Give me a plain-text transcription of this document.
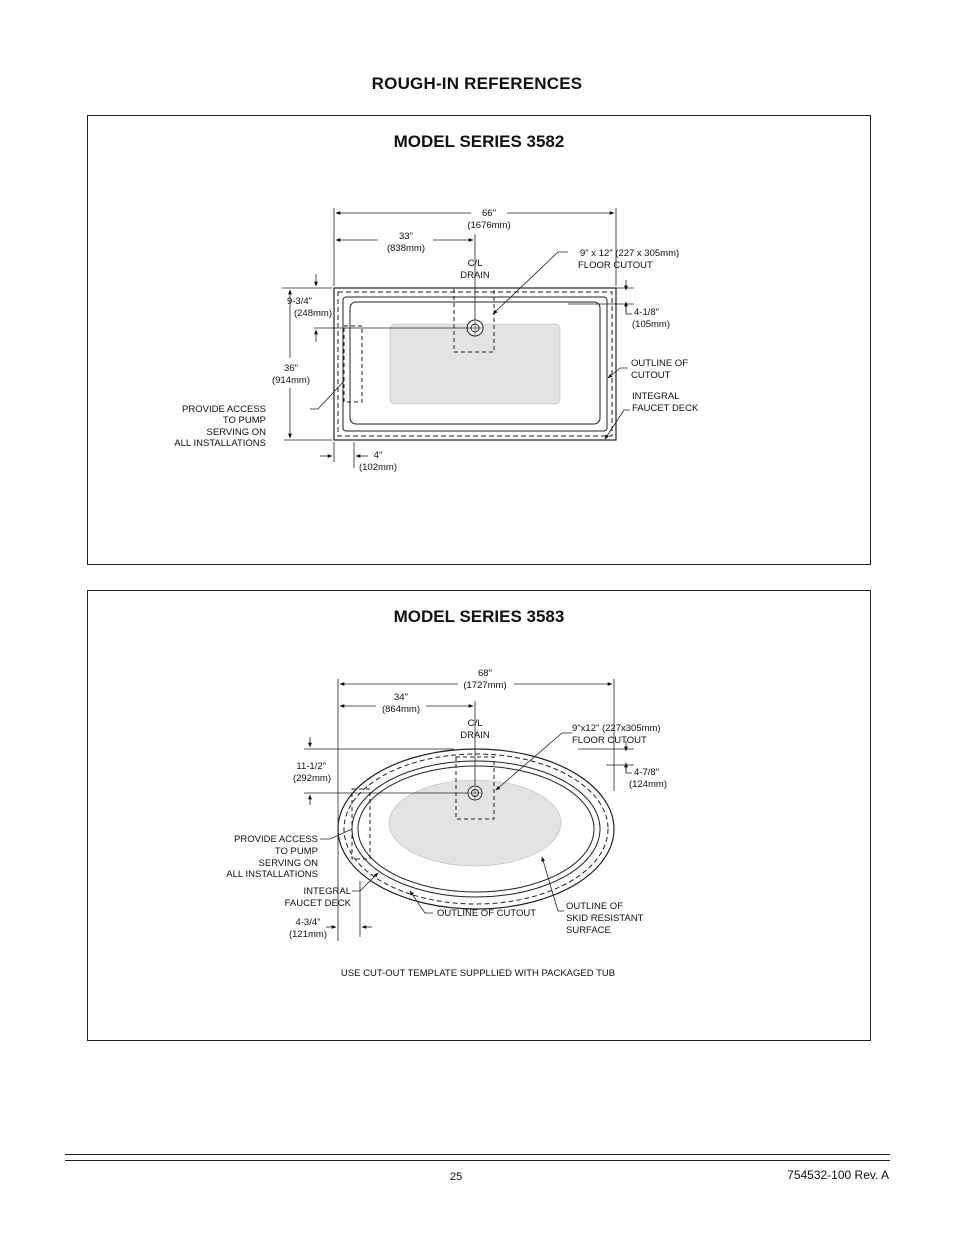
ROUGH-IN REFERENCES
MODEL SERIES 3582
66"
(1676mm)
33"
(838mm)
C/L
DRAIN
9" x 12" (227 x 305mm)
FLOOR CUTOUT
9-3/4"
(248mm)
36"
(914mm)
4-1/8"
(105mm)
OUTLINE OF
CUTOUT
INTEGRAL
FAUCET DECK
PROVIDE ACCESS
TO PUMP
SERVING ON
ALL INSTALLATIONS
4"
(102mm)
MODEL SERIES 3583
68"
(1727mm)
34"
(864mm)
C/L
DRAIN
9"x12" (227x305mm)
FLOOR CUTOUT
11-1/2"
(292mm)
4-7/8"
(124mm)
PROVIDE ACCESS
TO PUMP
SERVING ON
ALL INSTALLATIONS
INTEGRAL
FAUCET DECK
4-3/4"
(121mm)
OUTLINE OF CUTOUT
OUTLINE OF
SKID RESISTANT
SURFACE
USE CUT-OUT TEMPLATE SUPPLLIED WITH PACKAGED TUB
25	754532-100 Rev. A
